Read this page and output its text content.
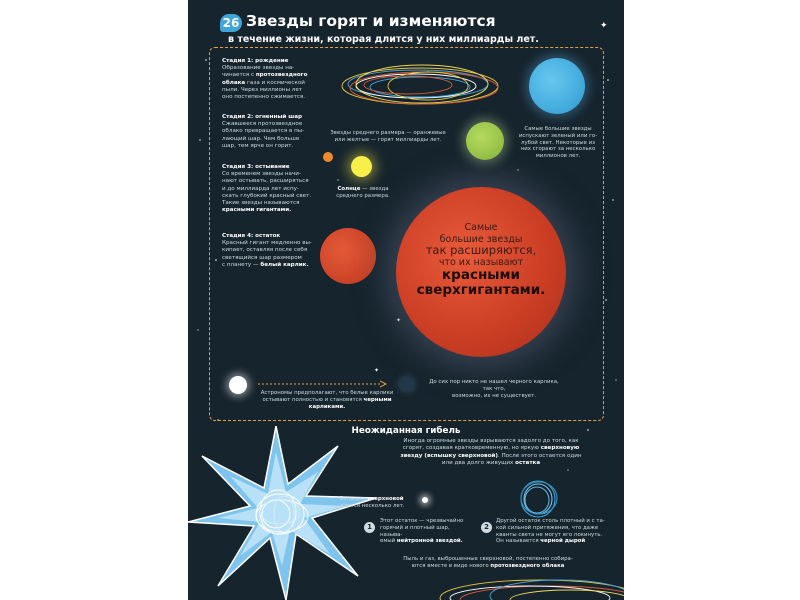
✦
✦
✦
26 Звезды горят и изменяются
в течение жизни, которая длится у них миллиарды лет.
Стадия 1: рождение
Образование звезды на-
чинается с протозвездного
облака газа и космической
пыли. Через миллионы лет
оно постепенно сжимается.
Стадия 2: огненный шар
Сжавшееся протозвездное
облако превращается в пы-
лающий шар. Чем больше
шар, тем ярче он горит.
Стадия 3: остывание
Со временем звезды начи-
нают остывать, расширяться
и до миллиарда лет испу-
скать глубокий красный свет.
Такие звезды называются
красными гигантами.
Стадия 4: остаток
Красный гигант медленно вы-
кипает, оставляя после себя
светящийся шар размером
с планету — белый карлик.
Звезды среднего размера — оранжевые
или желтые — горят миллиарды лет.
Самые большие звезды
испускают зеленый или го-
лубой свет. Некоторые из
них сгорают за несколько
миллионов лет.
Солнце — звезда
среднего размера.
Самые
большие звезды
так расширяются,
что их называют
красными
сверхгигантами.
Астрономы предполагают, что белые карлики
остывают полностью и становятся черными
карликами.
До сих пор никто не нашел черного карлика, так что,
возможно, их не существует.
Неожиданная гибель
Иногда огромные звезды взрываются задолго до того, как
сгорят, создавая кратковременную, но яркую сверхновую
звезду (вспышку сверхновой). После этого остается один
или два долго живущих остатка
Вспышка сверхновой
длится несколько лет.
1
Этот остаток — чрезвычайно
горячий и плотный шар, называ-
емый нейтронной звездой.
2
Другой остаток столь плотный и с та-
кой сильной притяжения, что даже
кванты света не могут его покинуть.
Он называется черной дырой
Пыль и газ, выброшенные сверхновой, постепенно собира-
ются вместе в виде нового протозвездного облака
